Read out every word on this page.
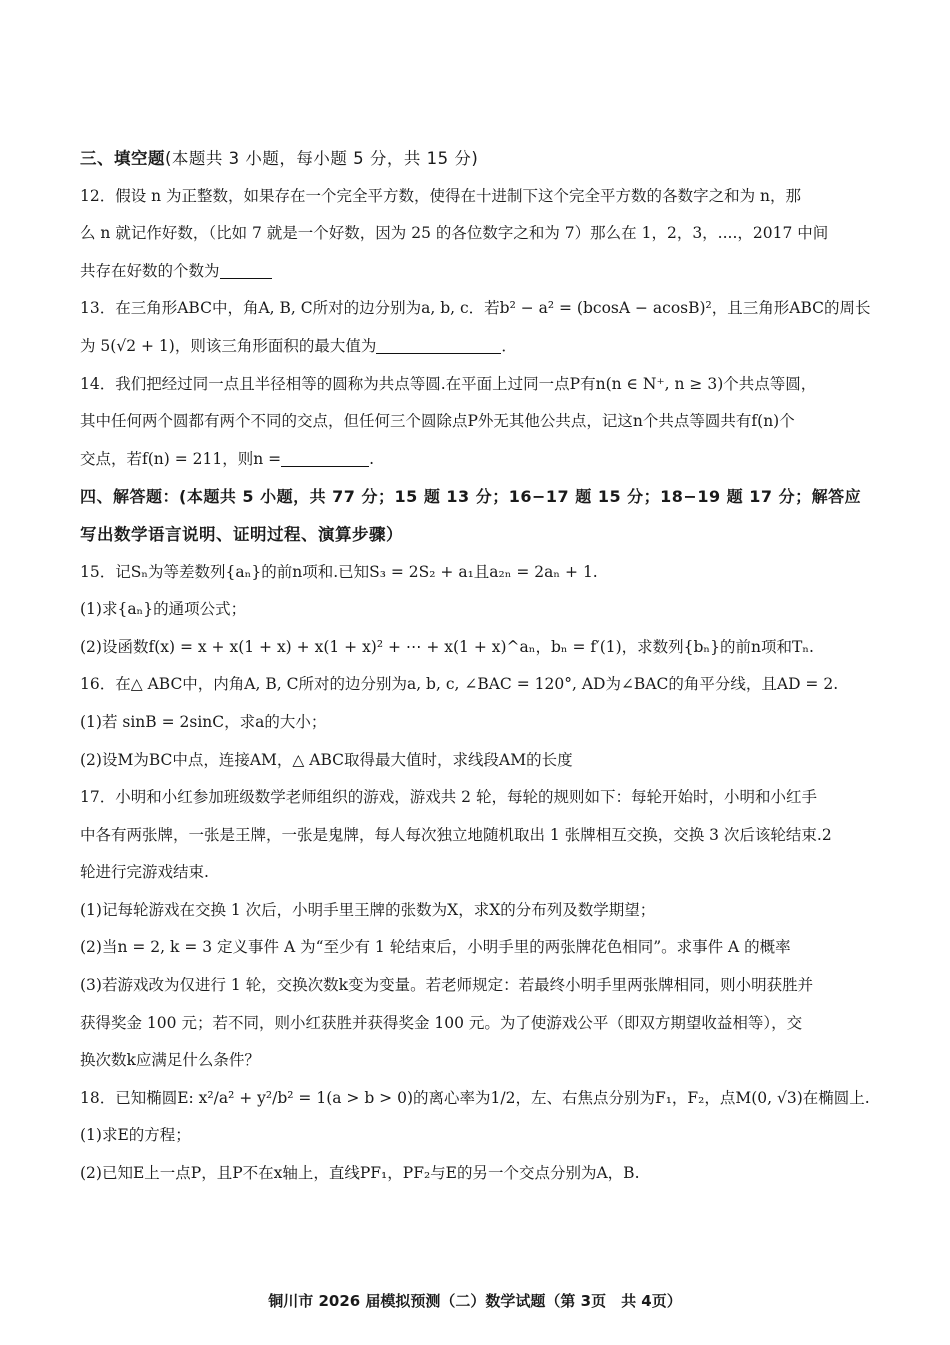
三、填空题(本题共 3 小题，每小题 5 分，共 15 分)
12．假设 n 为正整数，如果存在一个完全平方数，使得在十进制下这个完全平方数的各数字之和为 n，那
么 n 就记作好数，（比如 7 就是一个好数，因为 25 的各位数字之和为 7）那么在 1，2，3，....，2017 中间
共存在好数的个数为
13．在三角形ABC中，角A, B, C所对的边分别为a, b, c．若b² − a² = (bcosA − acosB)²，且三角形ABC的周长
为 5(√2 + 1)，则该三角形面积的最大值为	．
14．我们把经过同一点且半径相等的圆称为共点等圆.在平面上过同一点P有n(n ∈ N⁺, n ≥ 3)个共点等圆，
其中任何两个圆都有两个不同的交点，但任何三个圆除点P外无其他公共点，记这n个共点等圆共有f(n)个
交点，若f(n) = 211，则n =	.
四、解答题：(本题共 5 小题，共 77 分；15 题 13 分；16−17 题 15 分；18−19 题 17 分；解答应
写出数学语言说明、证明过程、演算步骤）
15．记Sₙ为等差数列{aₙ}的前n项和.已知S₃ = 2S₂ + a₁且a₂ₙ = 2aₙ + 1.
(1)求{aₙ}的通项公式；
(2)设函数f(x) = x + x(1 + x) + x(1 + x)² + ⋯ + x(1 + x)^aₙ，bₙ = f′(1)，求数列{bₙ}的前n项和Tₙ.
16．在△ ABC中，内角A, B, C所对的边分别为a, b, c, ∠BAC = 120°, AD为∠BAC的角平分线，且AD = 2.
(1)若 sinB = 2sinC，求a的大小；
(2)设M为BC中点，连接AM，△ ABC取得最大值时，求线段AM的长度
17．小明和小红参加班级数学老师组织的游戏，游戏共 2 轮，每轮的规则如下：每轮开始时，小明和小红手
中各有两张牌，一张是王牌，一张是鬼牌，每人每次独立地随机取出 1 张牌相互交换，交换 3 次后该轮结束.2
轮进行完游戏结束.
(1)记每轮游戏在交换 1 次后，小明手里王牌的张数为X，求X的分布列及数学期望；
(2)当n = 2, k = 3 定义事件 A 为“至少有 1 轮结束后，小明手里的两张牌花色相同”。求事件 A 的概率
(3)若游戏改为仅进行 1 轮，交换次数k变为变量。若老师规定：若最终小明手里两张牌相同，则小明获胜并
获得奖金 100 元；若不同，则小红获胜并获得奖金 100 元。为了使游戏公平（即双方期望收益相等），交
换次数k应满足什么条件？
18．已知椭圆E: x²/a² + y²/b² = 1(a > b > 0)的离心率为1/2，左、右焦点分别为F₁，F₂，点M(0, √3)在椭圆上.
(1)求E的方程；
(2)已知E上一点P，且P不在x轴上，直线PF₁，PF₂与E的另一个交点分别为A，B.
铜川市 2026 届模拟预测（二）数学试题（第 3页　共 4页）
